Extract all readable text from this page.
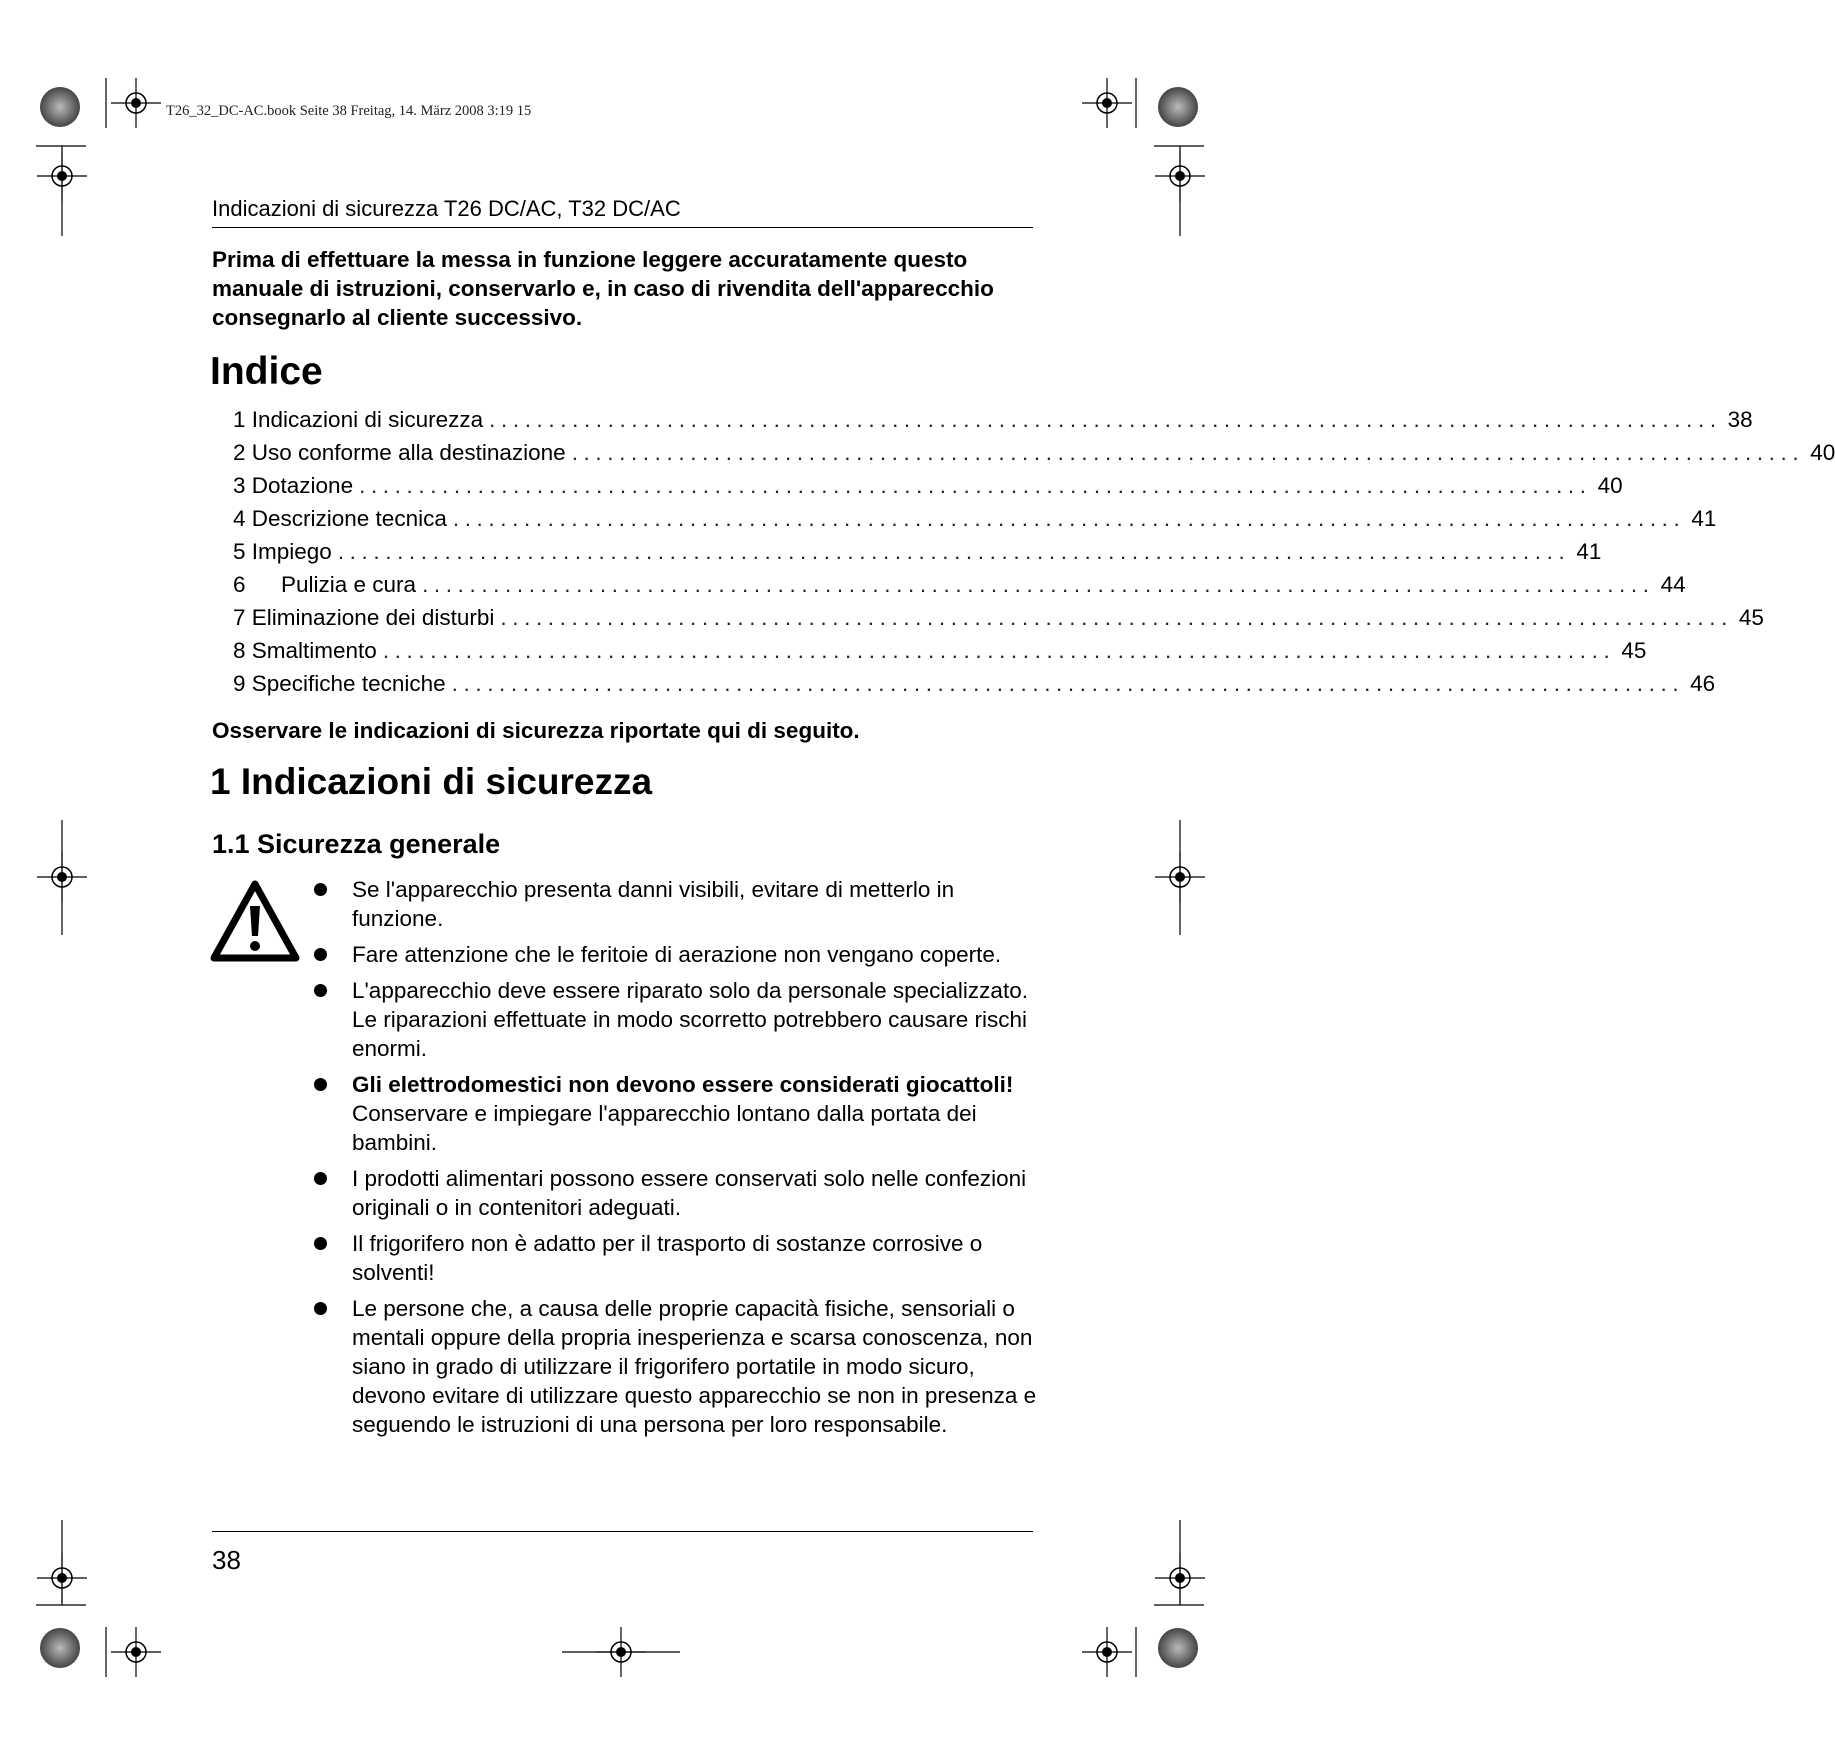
T26_32_DC-AC.book Seite 38 Freitag, 14. März 2008 3:19 15
Indicazioni di sicurezza T26 DC/AC, T32 DC/AC
Prima di effettuare la messa in funzione leggere accuratamente questo manuale di istruzioni, conservarlo e, in caso di rivendita dell'apparecchio consegnarlo al cliente successivo.
Indice
1 Indicazioni di sicurezza ........................................................................................................ 38
2 Uso conforme alla destinazione ........................................................................................................ 40
3 Dotazione ........................................................................................................ 40
4 Descrizione tecnica ........................................................................................................ 41
5 Impiego ........................................................................................................ 41
6 Pulizia e cura ........................................................................................................ 44
7 Eliminazione dei disturbi ........................................................................................................ 45
8 Smaltimento ........................................................................................................ 45
9 Specifiche tecniche ........................................................................................................ 46
Osservare le indicazioni di sicurezza riportate qui di seguito.
1 Indicazioni di sicurezza
1.1 Sicurezza generale
Se l'apparecchio presenta danni visibili, evitare di metterlo in funzione.
Fare attenzione che le feritoie di aerazione non vengano coperte.
L'apparecchio deve essere riparato solo da personale specializzato. Le riparazioni effettuate in modo scorretto potrebbero causare rischi enormi.
Gli elettrodomestici non devono essere considerati giocattoli!
Conservare e impiegare l'apparecchio lontano dalla portata dei bambini.
I prodotti alimentari possono essere conservati solo nelle confezioni originali o in contenitori adeguati.
Il frigorifero non è adatto per il trasporto di sostanze corrosive o solventi!
Le persone che, a causa delle proprie capacità fisiche, sensoriali o mentali oppure della propria inesperienza e scarsa conoscenza, non siano in grado di utilizzare il frigorifero portatile in modo sicuro, devono evitare di utilizzare questo apparecchio se non in presenza e seguendo le istruzioni di una persona per loro responsabile.
38
